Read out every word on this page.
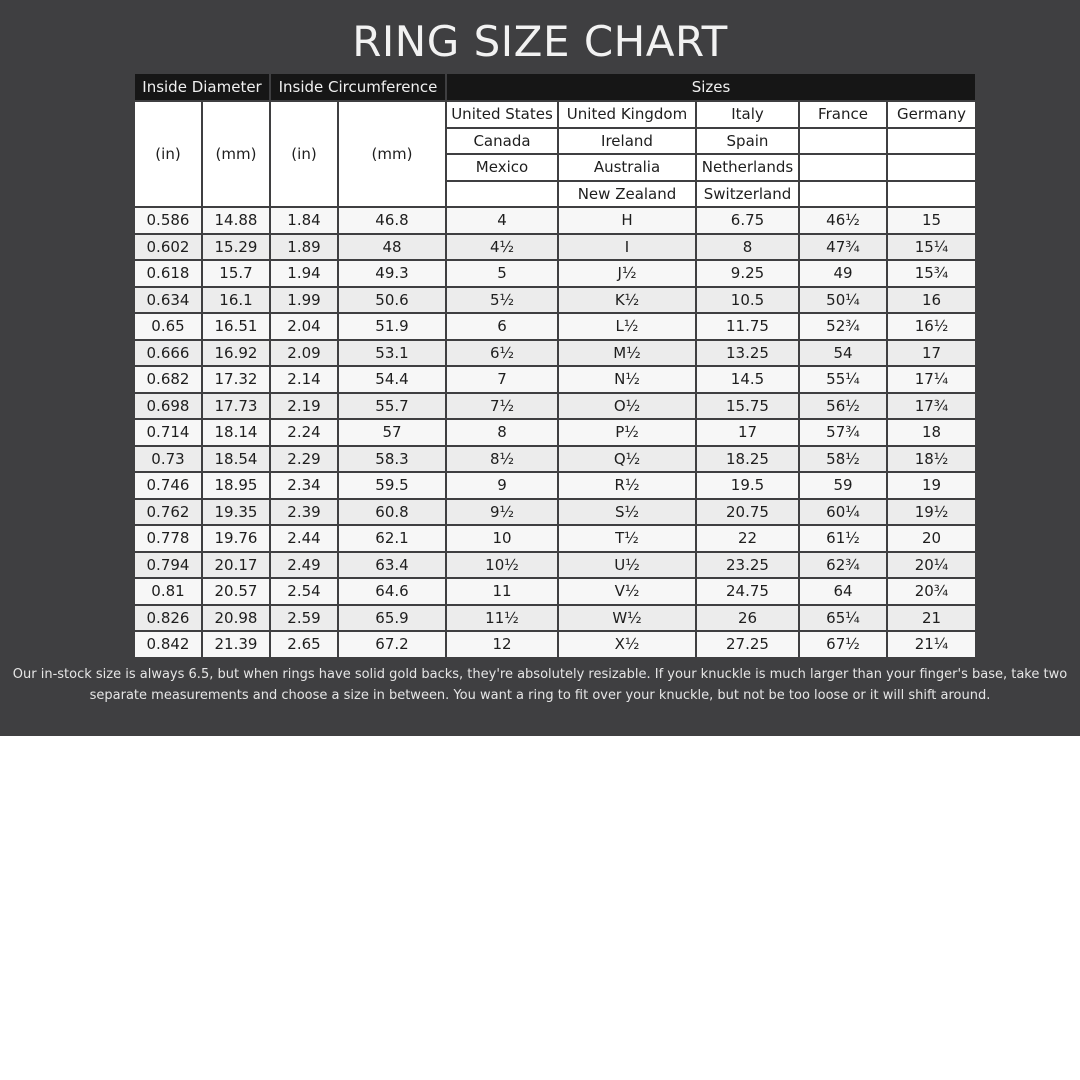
RING SIZE CHART
Inside Diameter		Inside Circumference		Sizes				
(in)	(mm)	(in)	(mm)	United States	United Kingdom	Italy	France	Germany
				Canada	Ireland	Spain		
				Mexico	Australia	Netherlands		
					New Zealand	Switzerland		
0.586	14.88	1.84	46.8	4	H	6.75	46½	15
0.602	15.29	1.89	48	4½	I	8	47¾	15¼
0.618	15.7	1.94	49.3	5	J½	9.25	49	15¾
0.634	16.1	1.99	50.6	5½	K½	10.5	50¼	16
0.65	16.51	2.04	51.9	6	L½	11.75	52¾	16½
0.666	16.92	2.09	53.1	6½	M½	13.25	54	17
0.682	17.32	2.14	54.4	7	N½	14.5	55¼	17¼
0.698	17.73	2.19	55.7	7½	O½	15.75	56½	17¾
0.714	18.14	2.24	57	8	P½	17	57¾	18
0.73	18.54	2.29	58.3	8½	Q½	18.25	58½	18½
0.746	18.95	2.34	59.5	9	R½	19.5	59	19
0.762	19.35	2.39	60.8	9½	S½	20.75	60¼	19½
0.778	19.76	2.44	62.1	10	T½	22	61½	20
0.794	20.17	2.49	63.4	10½	U½	23.25	62¾	20¼
0.81	20.57	2.54	64.6	11	V½	24.75	64	20¾
0.826	20.98	2.59	65.9	11½	W½	26	65¼	21
0.842	21.39	2.65	67.2	12	X½	27.25	67½	21¼
Our in-stock size is always 6.5, but when rings have solid gold backs, they're absolutely resizable. If your knuckle is much larger than your finger's base, take two
separate measurements and choose a size in between. You want a ring to fit over your knuckle, but not be too loose or it will shift around.
